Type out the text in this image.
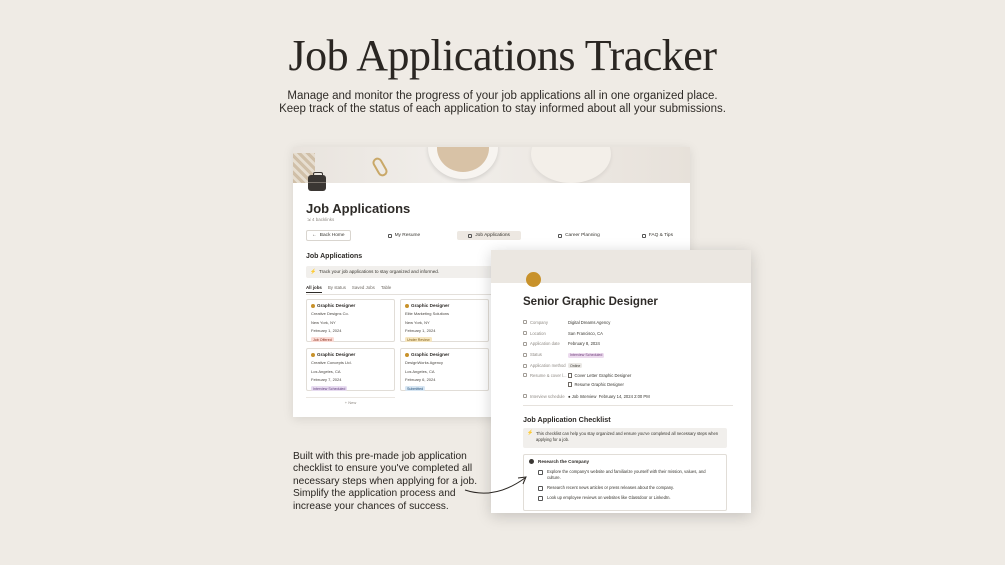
Job Applications Tracker
Manage and monitor the progress of your job applications all in one organized place.
Keep track of the status of each application to stay informed about all your submissions.
Job Applications
⇲ 4 backlinks
← Back Home	My Resume	Job Applications	Career Planning	FAQ & Tips
Job Applications
⚡ Track your job applications to stay organized and informed.
All jobs By status Saved Jobs Table
Graphic Designer
Creative Designs Co.
New York, NY
February 1, 2024
Job Offered
Graphic Designer
Elite Marketing Solutions
New York, NY
February 1, 2024
Under Review
Graphic Designer
Creative Concepts Ltd.
Los Angeles, CA
February 7, 2024
Interview Scheduled
Graphic Designer
DesignWorks Agency
Los Angeles, CA
February 6, 2024
Submitted
+ New
Senior Graphic Designer
Company	Digital Dreams Agency
Location	San Francisco, CA
Application date February 8, 2024
Status	Interview Scheduled
Application method	Online
Resume & cover l... Cover Letter Graphic Designer
Resume Graphic Designer
Interview schedule ● Job Interview February 14, 2024 2:00 PM
Job Application Checklist
⚡ This checklist can help you stay organized and ensure you've completed all necessary steps when applying for a job.
Research the Company
Explore the company's website and familiarize yourself with their mission, values, and culture.
Research recent news articles or press releases about the company.
Look up employee reviews on websites like Glassdoor or LinkedIn.
Built with this pre-made job application checklist to ensure you've completed all necessary steps when applying for a job. Simplify the application process and increase your chances of success.
